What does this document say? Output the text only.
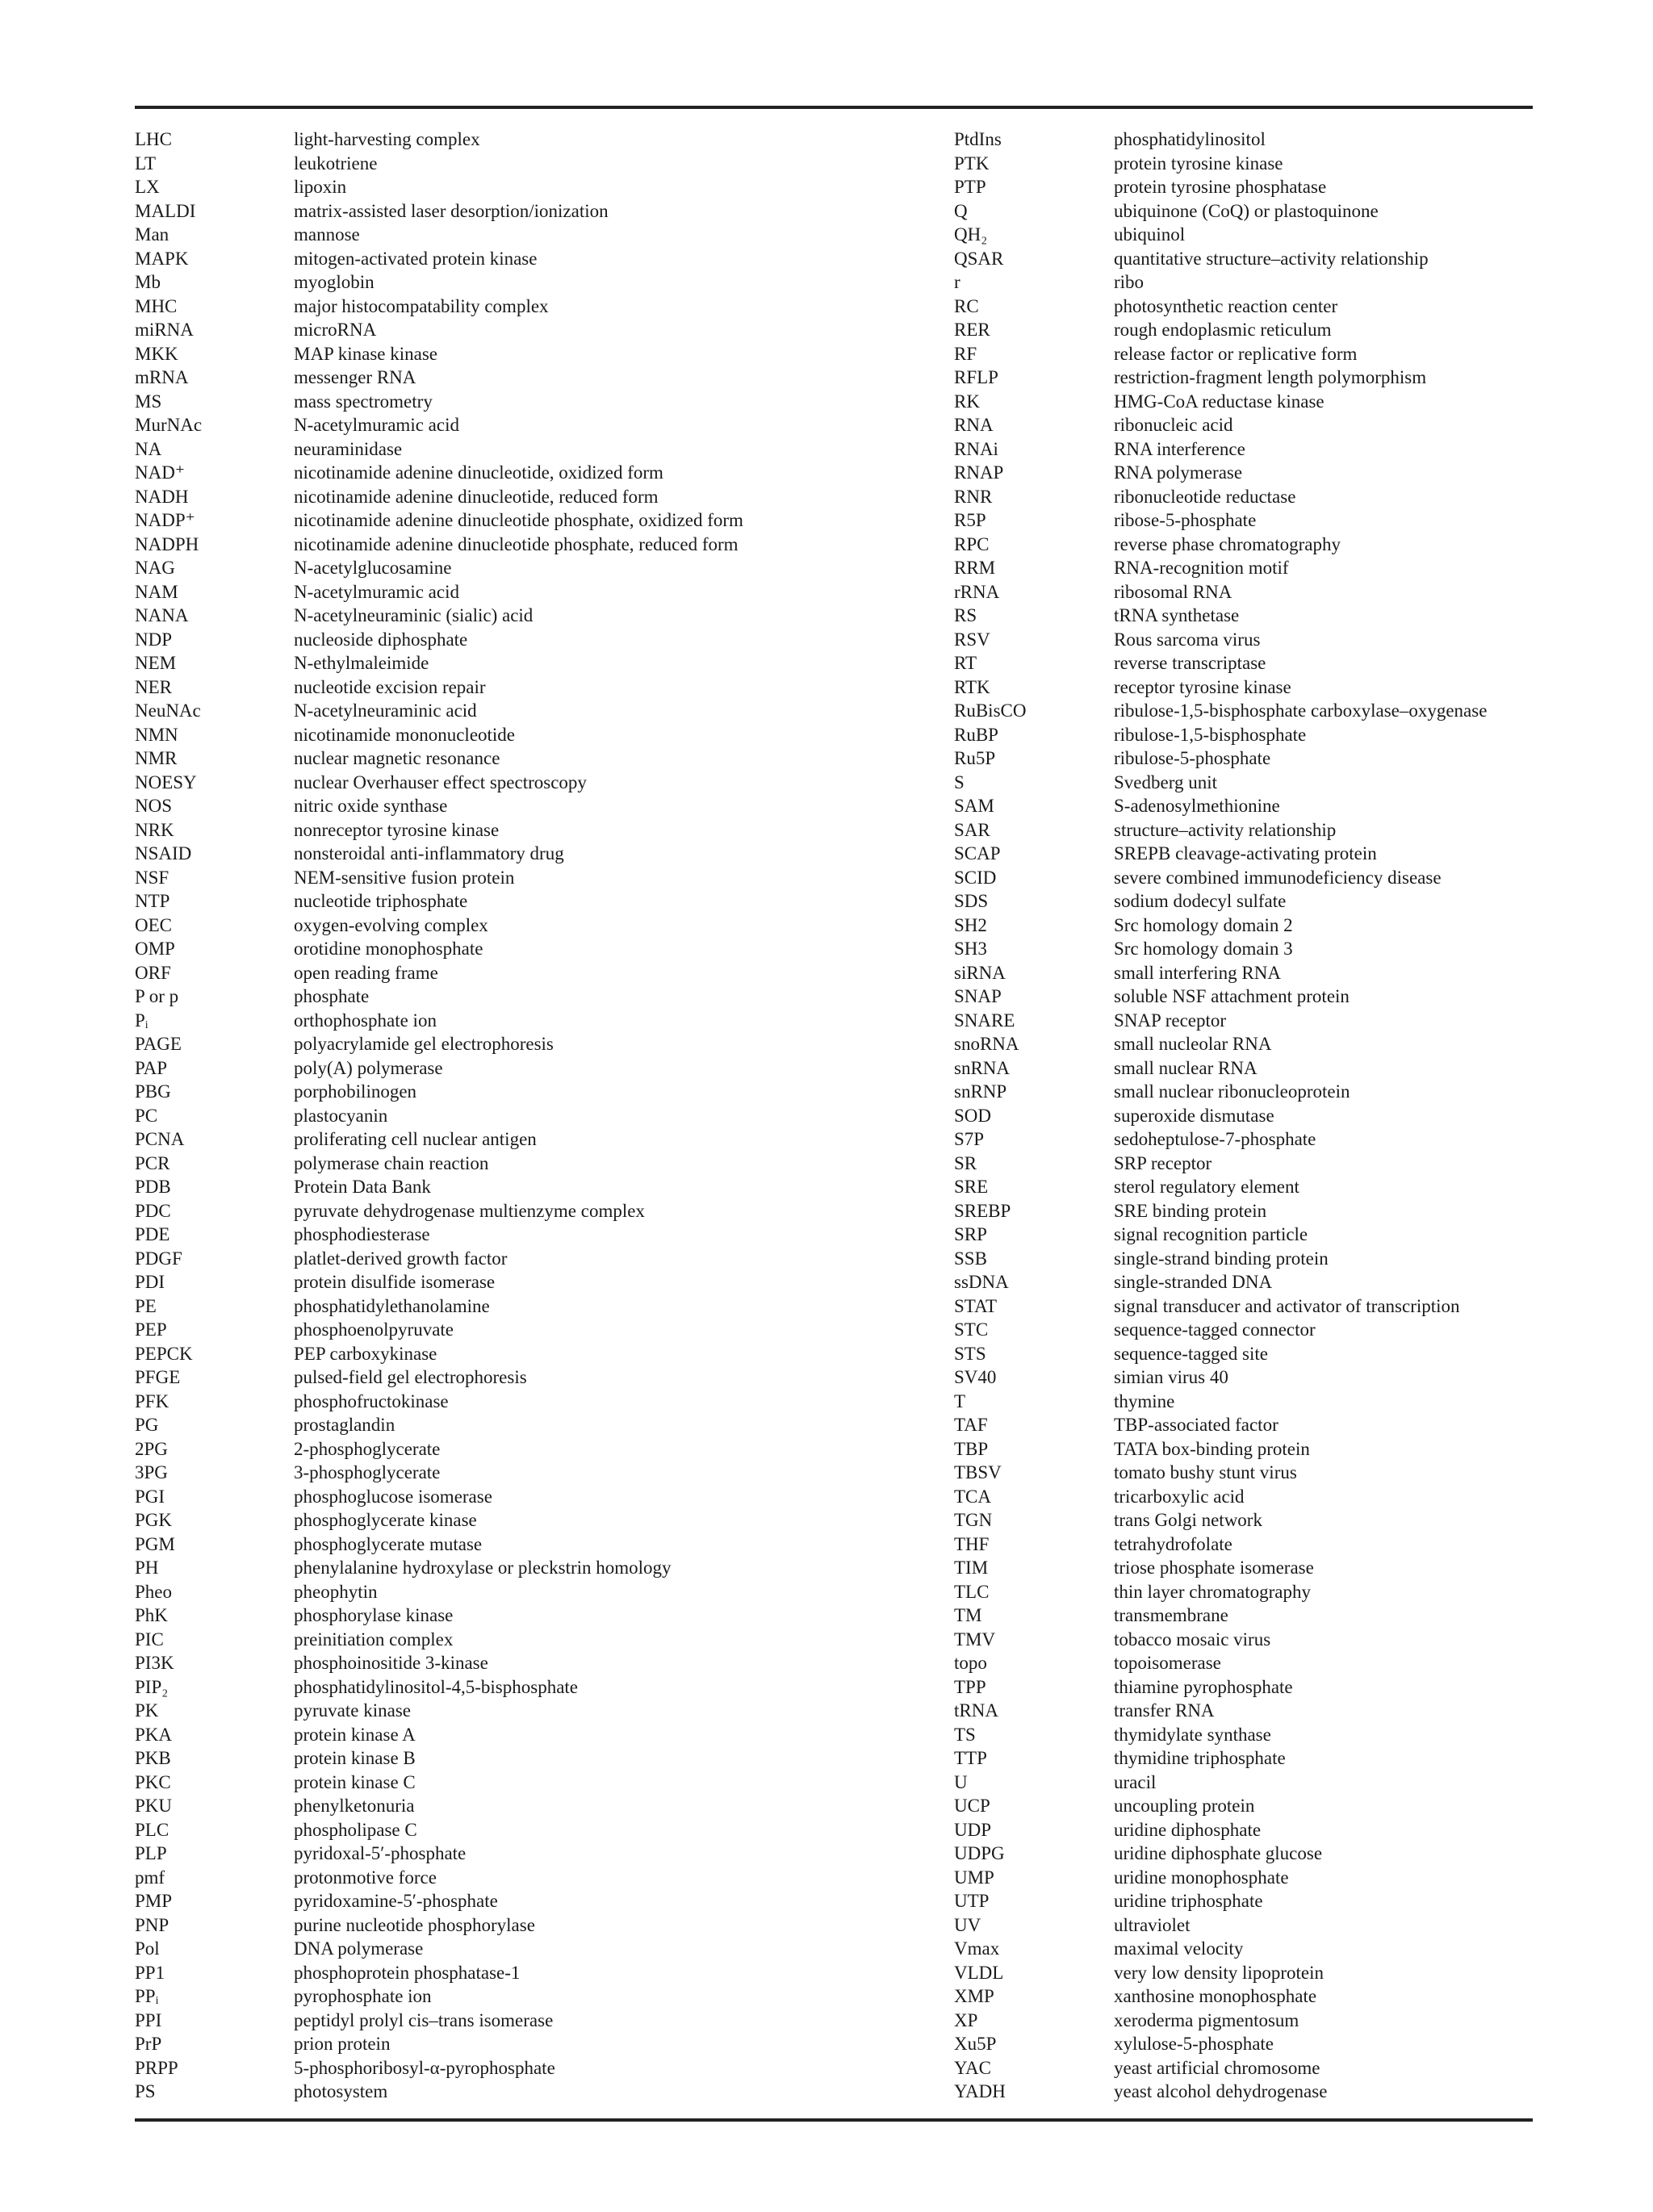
LHC	light-harvesting complex
LT	leukotriene
LX	lipoxin
MALDI	matrix-assisted laser desorption/ionization
Man	mannose
MAPK	mitogen-activated protein kinase
Mb	myoglobin
MHC	major histocompatability complex
miRNA	microRNA
MKK	MAP kinase kinase
mRNA	messenger RNA
MS	mass spectrometry
MurNAc	N-acetylmuramic acid
NA	neuraminidase
NAD⁺	nicotinamide adenine dinucleotide, oxidized form
NADH	nicotinamide adenine dinucleotide, reduced form
NADP⁺	nicotinamide adenine dinucleotide phosphate, oxidized form
NADPH	nicotinamide adenine dinucleotide phosphate, reduced form
NAG	N-acetylglucosamine
NAM	N-acetylmuramic acid
NANA	N-acetylneuraminic (sialic) acid
NDP	nucleoside diphosphate
NEM	N-ethylmaleimide
NER	nucleotide excision repair
NeuNAc	N-acetylneuraminic acid
NMN	nicotinamide mononucleotide
NMR	nuclear magnetic resonance
NOESY	nuclear Overhauser effect spectroscopy
NOS	nitric oxide synthase
NRK	nonreceptor tyrosine kinase
NSAID	nonsteroidal anti-inflammatory drug
NSF	NEM-sensitive fusion protein
NTP	nucleotide triphosphate
OEC	oxygen-evolving complex
OMP	orotidine monophosphate
ORF	open reading frame
P or p	phosphate
Pᵢ	orthophosphate ion
PAGE	polyacrylamide gel electrophoresis
PAP	poly(A) polymerase
PBG	porphobilinogen
PC	plastocyanin
PCNA	proliferating cell nuclear antigen
PCR	polymerase chain reaction
PDB	Protein Data Bank
PDC	pyruvate dehydrogenase multienzyme complex
PDE	phosphodiesterase
PDGF	platlet-derived growth factor
PDI	protein disulfide isomerase
PE	phosphatidylethanolamine
PEP	phosphoenolpyruvate
PEPCK	PEP carboxykinase
PFGE	pulsed-field gel electrophoresis
PFK	phosphofructokinase
PG	prostaglandin
2PG	2-phosphoglycerate
3PG	3-phosphoglycerate
PGI	phosphoglucose isomerase
PGK	phosphoglycerate kinase
PGM	phosphoglycerate mutase
PH	phenylalanine hydroxylase or pleckstrin homology
Pheo	pheophytin
PhK	phosphorylase kinase
PIC	preinitiation complex
PI3K	phosphoinositide 3-kinase
PIP₂	phosphatidylinositol-4,5-bisphosphate
PK	pyruvate kinase
PKA	protein kinase A
PKB	protein kinase B
PKC	protein kinase C
PKU	phenylketonuria
PLC	phospholipase C
PLP	pyridoxal-5′-phosphate
pmf	protonmotive force
PMP	pyridoxamine-5′-phosphate
PNP	purine nucleotide phosphorylase
Pol	DNA polymerase
PP1	phosphoprotein phosphatase-1
PPᵢ	pyrophosphate ion
PPI	peptidyl prolyl cis–trans isomerase
PrP	prion protein
PRPP	5-phosphoribosyl-α-pyrophosphate
PS	photosystem
PtdIns	phosphatidylinositol
PTK	protein tyrosine kinase
PTP	protein tyrosine phosphatase
Q	ubiquinone (CoQ) or plastoquinone
QH₂	ubiquinol
QSAR	quantitative structure–activity relationship
r	ribo
RC	photosynthetic reaction center
RER	rough endoplasmic reticulum
RF	release factor or replicative form
RFLP	restriction-fragment length polymorphism
RK	HMG-CoA reductase kinase
RNA	ribonucleic acid
RNAi	RNA interference
RNAP	RNA polymerase
RNR	ribonucleotide reductase
R5P	ribose-5-phosphate
RPC	reverse phase chromatography
RRM	RNA-recognition motif
rRNA	ribosomal RNA
RS	tRNA synthetase
RSV	Rous sarcoma virus
RT	reverse transcriptase
RTK	receptor tyrosine kinase
RuBisCO	ribulose-1,5-bisphosphate carboxylase–oxygenase
RuBP	ribulose-1,5-bisphosphate
Ru5P	ribulose-5-phosphate
S	Svedberg unit
SAM	S-adenosylmethionine
SAR	structure–activity relationship
SCAP	SREPB cleavage-activating protein
SCID	severe combined immunodeficiency disease
SDS	sodium dodecyl sulfate
SH2	Src homology domain 2
SH3	Src homology domain 3
siRNA	small interfering RNA
SNAP	soluble NSF attachment protein
SNARE	SNAP receptor
snoRNA	small nucleolar RNA
snRNA	small nuclear RNA
snRNP	small nuclear ribonucleoprotein
SOD	superoxide dismutase
S7P	sedoheptulose-7-phosphate
SR	SRP receptor
SRE	sterol regulatory element
SREBP	SRE binding protein
SRP	signal recognition particle
SSB	single-strand binding protein
ssDNA	single-stranded DNA
STAT	signal transducer and activator of transcription
STC	sequence-tagged connector
STS	sequence-tagged site
SV40	simian virus 40
T	thymine
TAF	TBP-associated factor
TBP	TATA box-binding protein
TBSV	tomato bushy stunt virus
TCA	tricarboxylic acid
TGN	trans Golgi network
THF	tetrahydrofolate
TIM	triose phosphate isomerase
TLC	thin layer chromatography
TM	transmembrane
TMV	tobacco mosaic virus
topo	topoisomerase
TPP	thiamine pyrophosphate
tRNA	transfer RNA
TS	thymidylate synthase
TTP	thymidine triphosphate
U	uracil
UCP	uncoupling protein
UDP	uridine diphosphate
UDPG	uridine diphosphate glucose
UMP	uridine monophosphate
UTP	uridine triphosphate
UV	ultraviolet
Vmax	maximal velocity
VLDL	very low density lipoprotein
XMP	xanthosine monophosphate
XP	xeroderma pigmentosum
Xu5P	xylulose-5-phosphate
YAC	yeast artificial chromosome
YADH	yeast alcohol dehydrogenase
